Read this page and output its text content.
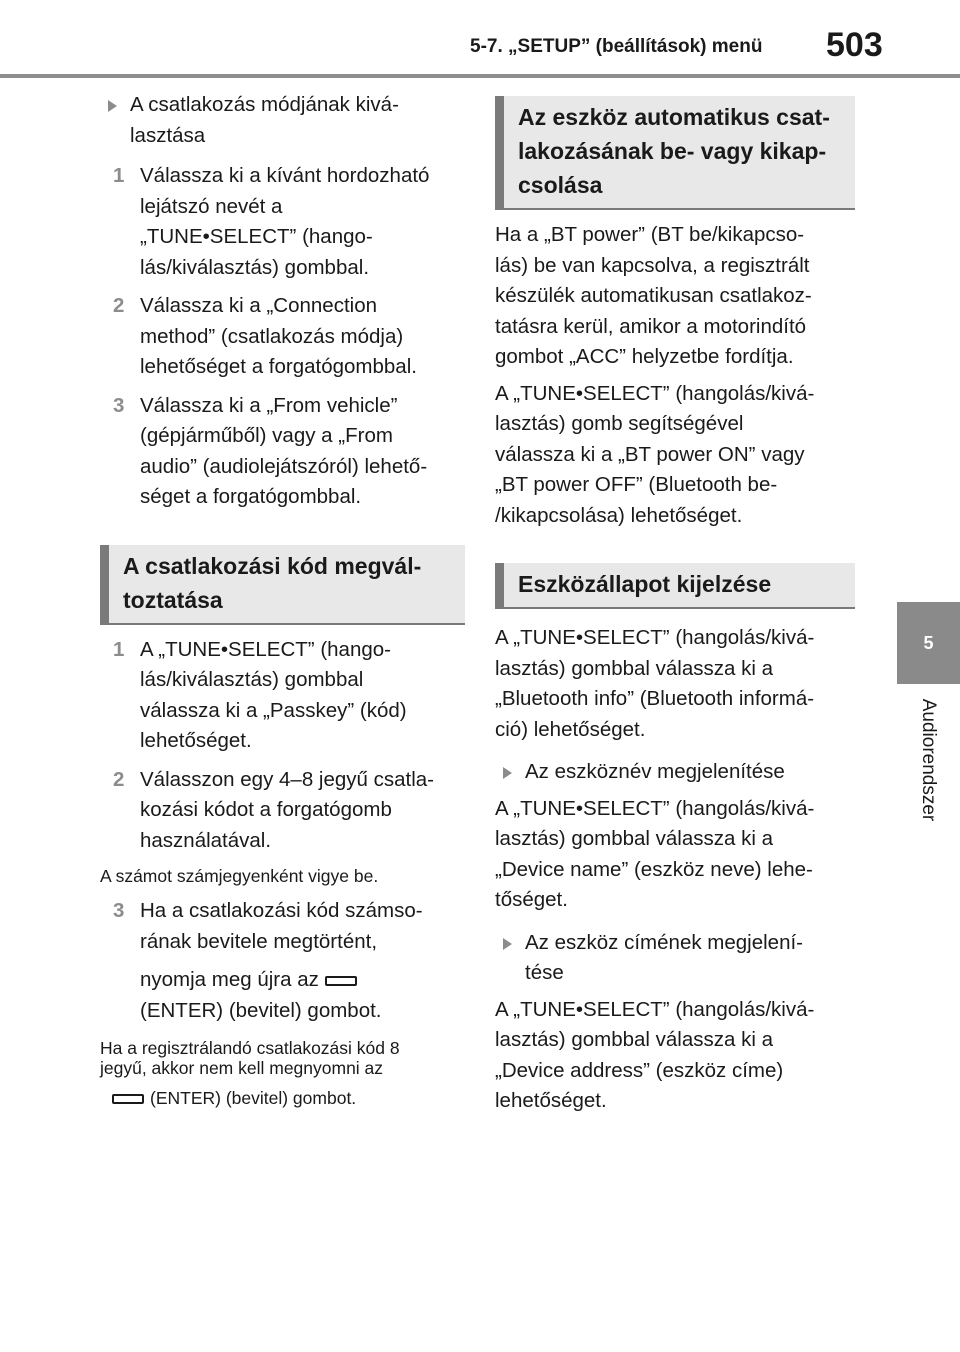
5-7. „SETUP” (beállítások) menü 503
5
Audiorendszer
A csatlakozás módjának kivá-
lasztása
1 Válassza ki a kívánt hordozható
lejátszó nevét a
„TUNE•SELECT” (hango-
lás/kiválasztás) gombbal.
2 Válassza ki a „Connection
method” (csatlakozás módja)
lehetőséget a forgatógombbal.
3 Válassza ki a „From vehicle”
(gépjárműből) vagy a „From
audio” (audiolejátszóról) lehető-
séget a forgatógombbal.
A csatlakozási kód megvál-
toztatása
1 A „TUNE•SELECT” (hango-
lás/kiválasztás) gombbal
válassza ki a „Passkey” (kód)
lehetőséget.
2 Válasszon egy 4–8 jegyű csatla-
kozási kódot a forgatógomb
használatával.

A számot számjegyenként vigye be.

3 Ha a csatlakozási kód számso-
rának bevitele megtörtént,
nyomja meg újra az
(ENTER) (bevitel) gombot.

Ha a regisztrálandó csatlakozási kód 8
jegyű, akkor nem kell megnyomni az

(ENTER) (bevitel) gombot.

Az eszköz automatikus csat-
lakozásának be- vagy kikap-
csolása

Ha a „BT power” (BT be/kikapcso-
lás) be van kapcsolva, a regisztrált
készülék automatikusan csatlakoz-
tatásra kerül, amikor a motorindító
gombot „ACC” helyzetbe fordítja.

A „TUNE•SELECT” (hangolás/kivá-
lasztás) gomb segítségével
válassza ki a „BT power ON” vagy
„BT power OFF” (Bluetooth be-
/kikapcsolása) lehetőséget.

Eszközállapot kijelzése

A „TUNE•SELECT” (hangolás/kivá-
lasztás) gombbal válassza ki a
„Bluetooth info” (Bluetooth informá-
ció) lehetőséget.

Az eszköznév megjelenítése

A „TUNE•SELECT” (hangolás/kivá-
lasztás) gombbal válassza ki a
„Device name” (eszköz neve) lehe-
tőséget.

Az eszköz címének megjelení-
tése

A „TUNE•SELECT” (hangolás/kivá-
lasztás) gombbal válassza ki a
„Device address” (eszköz címe)
lehetőséget.
